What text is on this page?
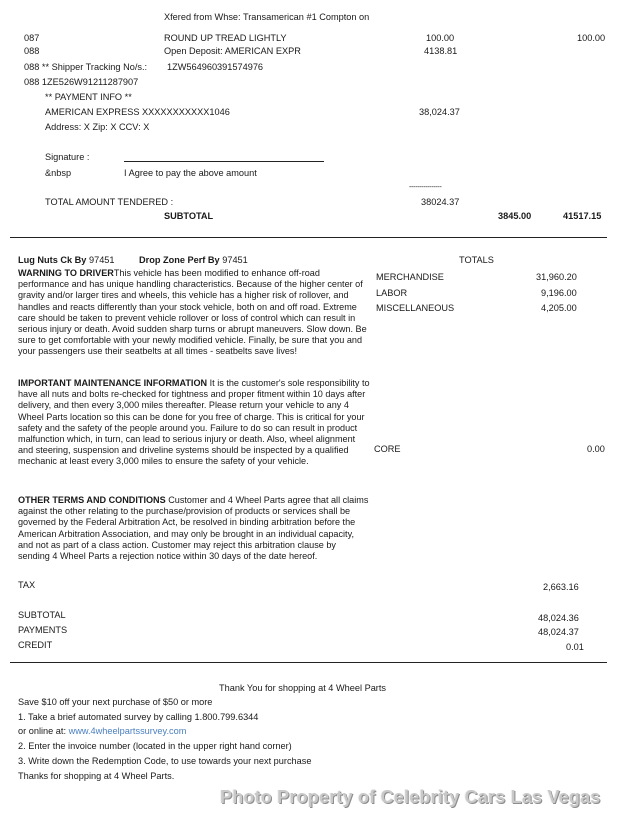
Xfered from Whse: Transamerican #1 Compton on
087	ROUND UP TREAD LIGHTLY	100.00	100.00
088	Open Deposit: AMERICAN EXPR	4138.81
088 ** Shipper Tracking No/s.: 1ZW564960391574976
088 1ZE526W91211287907
** PAYMENT INFO **
AMERICAN EXPRESS XXXXXXXXXXX1046	38,024.37
Address: X Zip: X CCV: X
Signature :
&nbsp	I Agree to pay the above amount
----------------
TOTAL AMOUNT TENDERED :	38024.37
SUBTOTAL	3845.00	41517.15
Lug Nuts Ck By 97451	Drop Zone Perf By 97451	TOTALS
WARNING TO DRIVERThis vehicle has been modified to enhance off-road performance and has unique handling characteristics. Because of the higher center of gravity and/or larger tires and wheels, this vehicle has a higher risk of rollover, and handles and reacts differently than your stock vehicle, both on and off road. Extreme care should be taken to prevent vehicle rollover or loss of control which can result in serious injury or death. Avoid sudden sharp turns or abrupt maneuvers. Slow down. Be sure to get comfortable with your newly modified vehicle. Finally, be sure that you and your passengers use their seatbelts at all times - seatbelts save lives!
IMPORTANT MAINTENANCE INFORMATION It is the customer's sole responsibility to have all nuts and bolts re-checked for tightness and proper fitment within 10 days after delivery, and then every 3,000 miles thereafter. Please return your vehicle to any 4 Wheel Parts location so this can be done for you free of charge. This is critical for your safety and the safety of the people around you. Failure to do so can result in product malfunction which, in turn, can lead to serious injury or death. Also, wheel alignment and steering, suspension and driveline systems should be inspected by a qualified mechanic at least every 3,000 miles to ensure the safety of your vehicle.
OTHER TERMS AND CONDITIONS Customer and 4 Wheel Parts agree that all claims against the other relating to the purchase/provision of products or services shall be governed by the Federal Arbitration Act, be resolved in binding arbitration before the American Arbitration Association, and may only be brought in an individual capacity, and not as part of a class action. Customer may reject this arbitration clause by sending 4 Wheel Parts a rejection notice within 30 days of the date hereof.
MERCHANDISE	31,960.20
LABOR	9,196.00
MISCELLANEOUS	4,205.00
CORE	0.00
TAX	2,663.16
SUBTOTAL	48,024.36
PAYMENTS	48,024.37
CREDIT	0.01
Thank You for shopping at 4 Wheel Parts
Save $10 off your next purchase of $50 or more
1. Take a brief automated survey by calling 1.800.799.6344
or online at: www.4wheelpartssurvey.com
2. Enter the invoice number (located in the upper right hand corner)
3. Write down the Redemption Code, to use towards your next purchase
Thanks for shopping at 4 Wheel Parts.
Photo Property of Celebrity Cars Las Vegas
